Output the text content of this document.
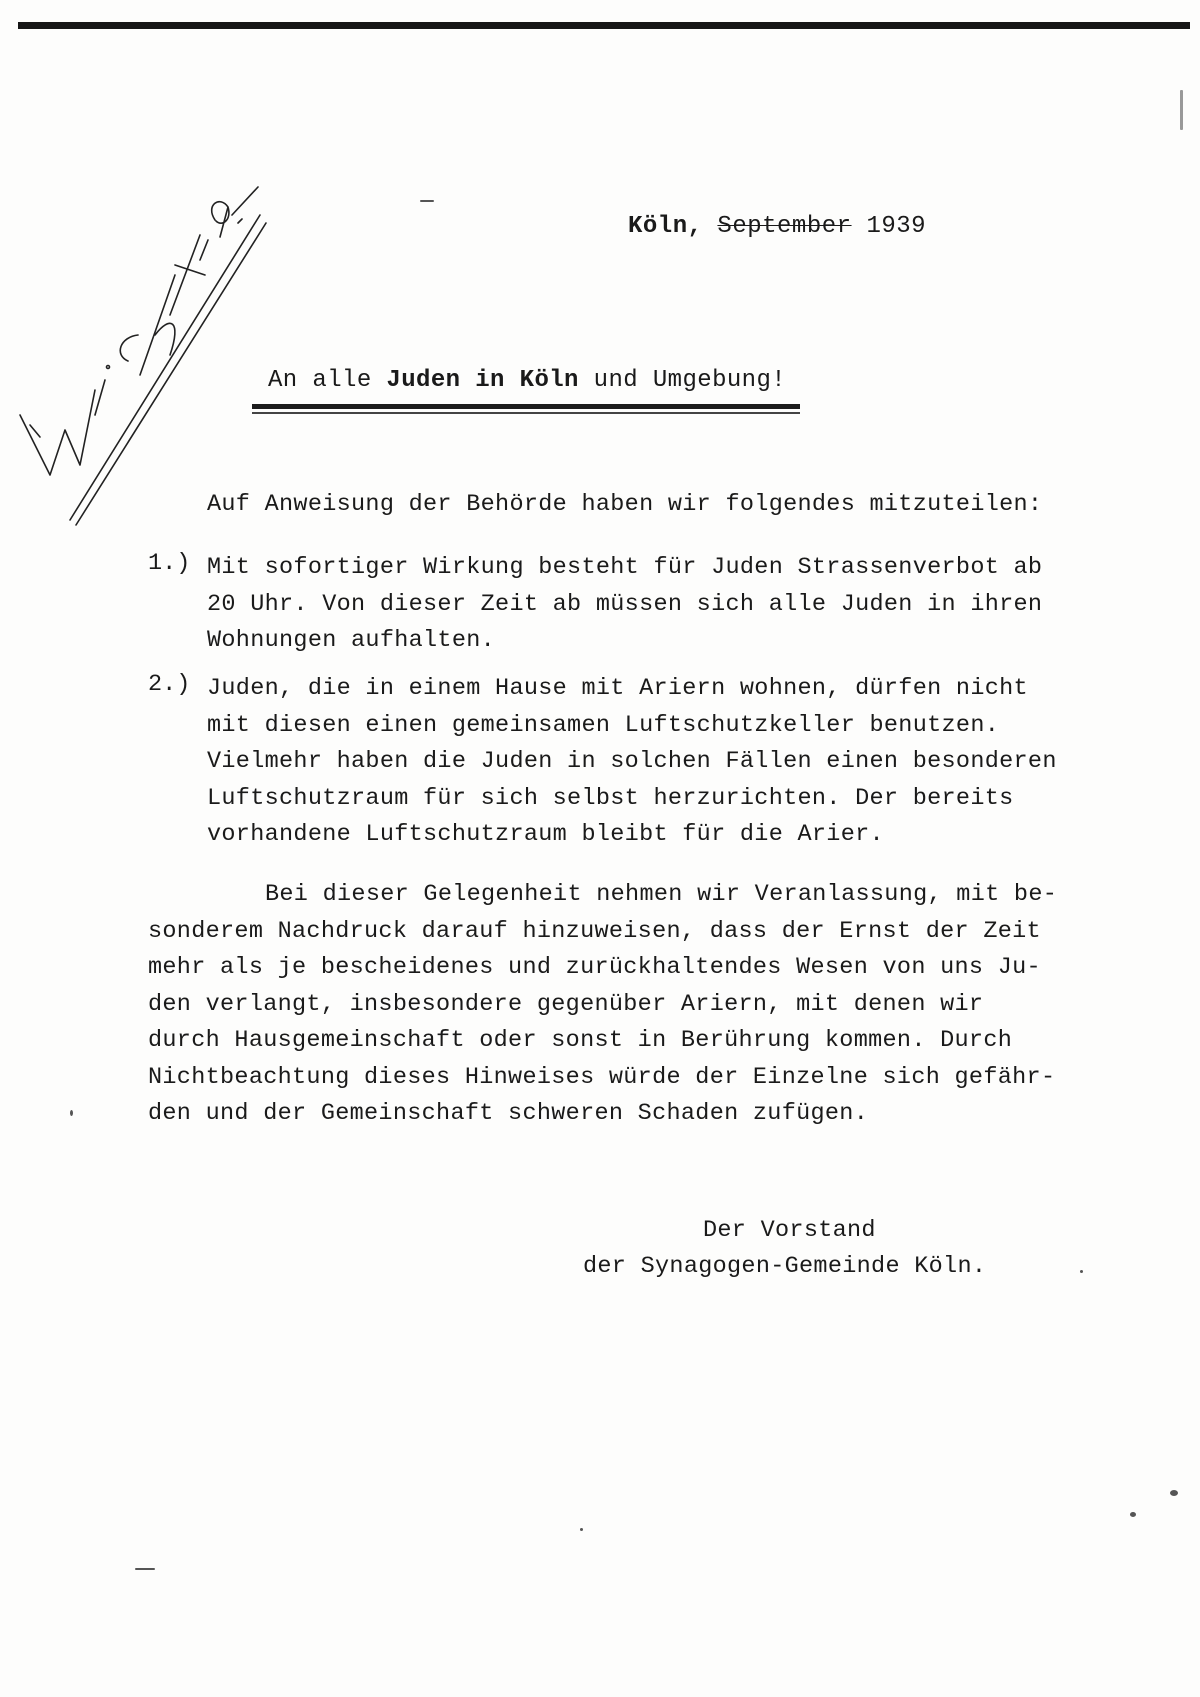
Köln, September 1939
An alle Juden in Köln und Umgebung!
Auf Anweisung der Behörde haben wir folgendes mitzuteilen:
1.) Mit sofortiger Wirkung besteht für Juden Strassenverbot ab
20 Uhr. Von dieser Zeit ab müssen sich alle Juden in ihren
Wohnungen aufhalten.
2.) Juden, die in einem Hause mit Ariern wohnen, dürfen nicht
mit diesen einen gemeinsamen Luftschutzkeller benutzen.
Vielmehr haben die Juden in solchen Fällen einen besonderen
Luftschutzraum für sich selbst herzurichten. Der bereits
vorhandene Luftschutzraum bleibt für die Arier.
Bei dieser Gelegenheit nehmen wir Veranlassung, mit be-
sonderem Nachdruck darauf hinzuweisen, dass der Ernst der Zeit
mehr als je bescheidenes und zurückhaltendes Wesen von uns Ju-
den verlangt, insbesondere gegenüber Ariern, mit denen wir
durch Hausgemeinschaft oder sonst in Berührung kommen. Durch
Nichtbeachtung dieses Hinweises würde der Einzelne sich gefähr-
den und der Gemeinschaft schweren Schaden zufügen.
Der Vorstand
der Synagogen-Gemeinde Köln.
